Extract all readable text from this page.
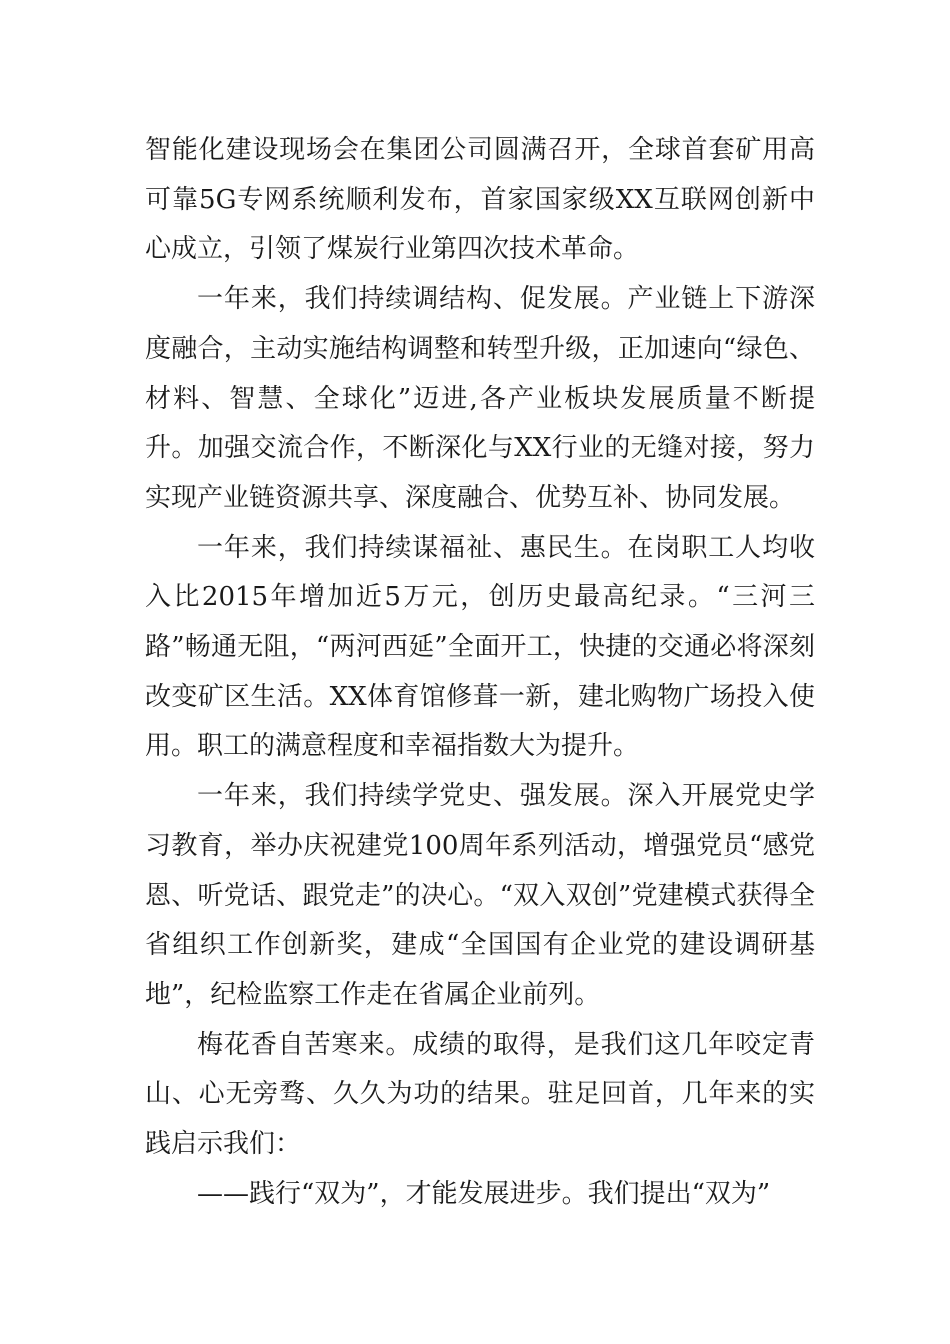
智能化建设现场会在集团公司圆满召开，全球首套矿用高可靠5G专网系统顺利发布，首家国家级XX互联网创新中心成立，引领了煤炭行业第四次技术革命。

一年来，我们持续调结构、促发展。产业链上下游深度融合，主动实施结构调整和转型升级，正加速向“绿色、材料、智慧、全球化”迈进,各产业板块发展质量不断提升。加强交流合作，不断深化与XX行业的无缝对接，努力实现产业链资源共享、深度融合、优势互补、协同发展。

一年来，我们持续谋福祉、惠民生。在岗职工人均收入比2015年增加近5万元，创历史最高纪录。“三河三路”畅通无阻，“两河西延”全面开工，快捷的交通必将深刻改变矿区生活。XX体育馆修葺一新，建北购物广场投入使用。职工的满意程度和幸福指数大为提升。

一年来，我们持续学党史、强发展。深入开展党史学习教育，举办庆祝建党100周年系列活动，增强党员“感党恩、听党话、跟党走”的决心。“双入双创”党建模式获得全省组织工作创新奖，建成“全国国有企业党的建设调研基地”，纪检监察工作走在省属企业前列。

梅花香自苦寒来。成绩的取得，是我们这几年咬定青山、心无旁骛、久久为功的结果。驻足回首，几年来的实践启示我们：

——践行“双为”，才能发展进步。我们提出“双为”
